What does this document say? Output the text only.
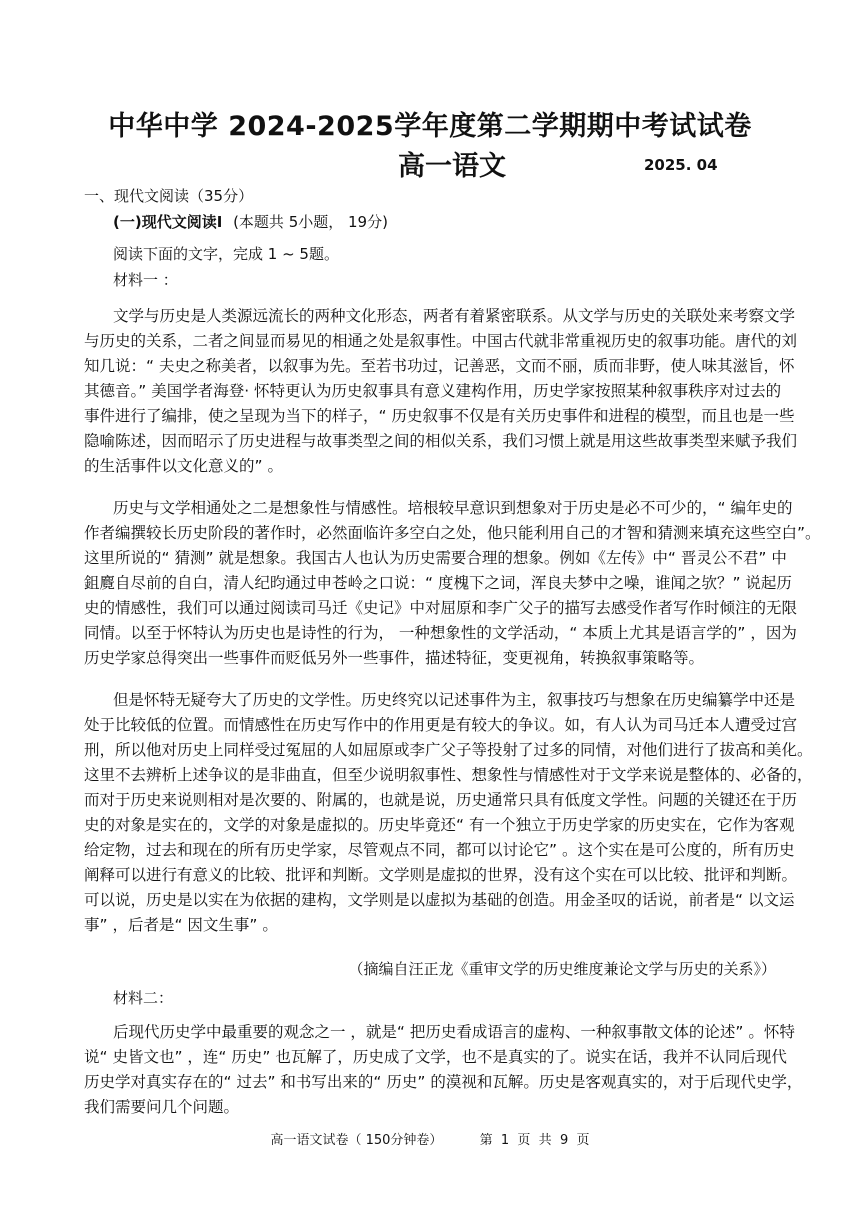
中华中学 2024-2025学年度第二学期期中考试试卷
高一语文	2025. 04
一、现代文阅读（35分）
(一)现代文阅读Ⅰ (本题共 5小题， 19分)
阅读下面的文字，完成 1 ~ 5题。
材料一 ：
文学与历史是人类源远流长的两种文化形态，两者有着紧密联系。从文学与历史的关联处来考察文学
与历史的关系，二者之间显而易见的相通之处是叙事性。中国古代就非常重视历史的叙事功能。唐代的刘
知几说：“ 夫史之称美者，以叙事为先。至若书功过，记善恶，文而不丽，质而非野，使人味其滋旨，怀
其德音。” 美国学者海登· 怀特更认为历史叙事具有意义建构作用，历史学家按照某种叙事秩序对过去的
事件进行了编排，使之呈现为当下的样子，“ 历史叙事不仅是有关历史事件和进程的模型，而且也是一些
隐喻陈述，因而昭示了历史进程与故事类型之间的相似关系，我们习惯上就是用这些故事类型来赋予我们
的生活事件以文化意义的” 。
历史与文学相通处之二是想象性与情感性。培根较早意识到想象对于历史是必不可少的，“ 编年史的
作者编撰较长历史阶段的著作时，必然面临许多空白之处，他只能利用自己的才智和猜测来填充这些空白”。
这里所说的“ 猜测” 就是想象。我国古人也认为历史需要合理的想象。例如《左传》中“ 晋灵公不君” 中
鉏麑自尽前的自白，清人纪昀通过申苍岭之口说：“ 度槐下之词，浑良夫梦中之噪，谁闻之欤？” 说起历
史的情感性，我们可以通过阅读司马迁《史记》中对屈原和李广父子的描写去感受作者写作时倾注的无限
同情。以至于怀特认为历史也是诗性的行为， 一种想象性的文学活动，“ 本质上尤其是语言学的” ，因为
历史学家总得突出一些事件而贬低另外一些事件，描述特征，变更视角，转换叙事策略等。
但是怀特无疑夸大了历史的文学性。历史终究以记述事件为主，叙事技巧与想象在历史编纂学中还是
处于比较低的位置。而情感性在历史写作中的作用更是有较大的争议。如，有人认为司马迁本人遭受过宫
刑，所以他对历史上同样受过冤屈的人如屈原或李广父子等投射了过多的同情，对他们进行了拔高和美化。
这里不去辨析上述争议的是非曲直，但至少说明叙事性、想象性与情感性对于文学来说是整体的、必备的，
而对于历史来说则相对是次要的、附属的，也就是说，历史通常只具有低度文学性。问题的关键还在于历
史的对象是实在的，文学的对象是虚拟的。历史毕竟还“ 有一个独立于历史学家的历史实在，它作为客观
给定物，过去和现在的所有历史学家，尽管观点不同，都可以讨论它” 。这个实在是可公度的，所有历史
阐释可以进行有意义的比较、批评和判断。文学则是虚拟的世界，没有这个实在可以比较、批评和判断。
可以说，历史是以实在为依据的建构，文学则是以虚拟为基础的创造。用金圣叹的话说，前者是“ 以文运
事” ，后者是“ 因文生事” 。
（摘编自汪正龙《重审文学的历史维度兼论文学与历史的关系》）
材料二：
后现代历史学中最重要的观念之一 ，就是“ 把历史看成语言的虚构、一种叙事散文体的论述” 。怀特
说“ 史皆文也” ，连“ 历史” 也瓦解了，历史成了文学，也不是真实的了。说实在话，我并不认同后现代
历史学对真实存在的“ 过去” 和书写出来的“ 历史” 的漠视和瓦解。历史是客观真实的，对于后现代史学，
我们需要问几个问题。
高一语文试卷（ 150分钟卷）         第  1  页  共  9  页
